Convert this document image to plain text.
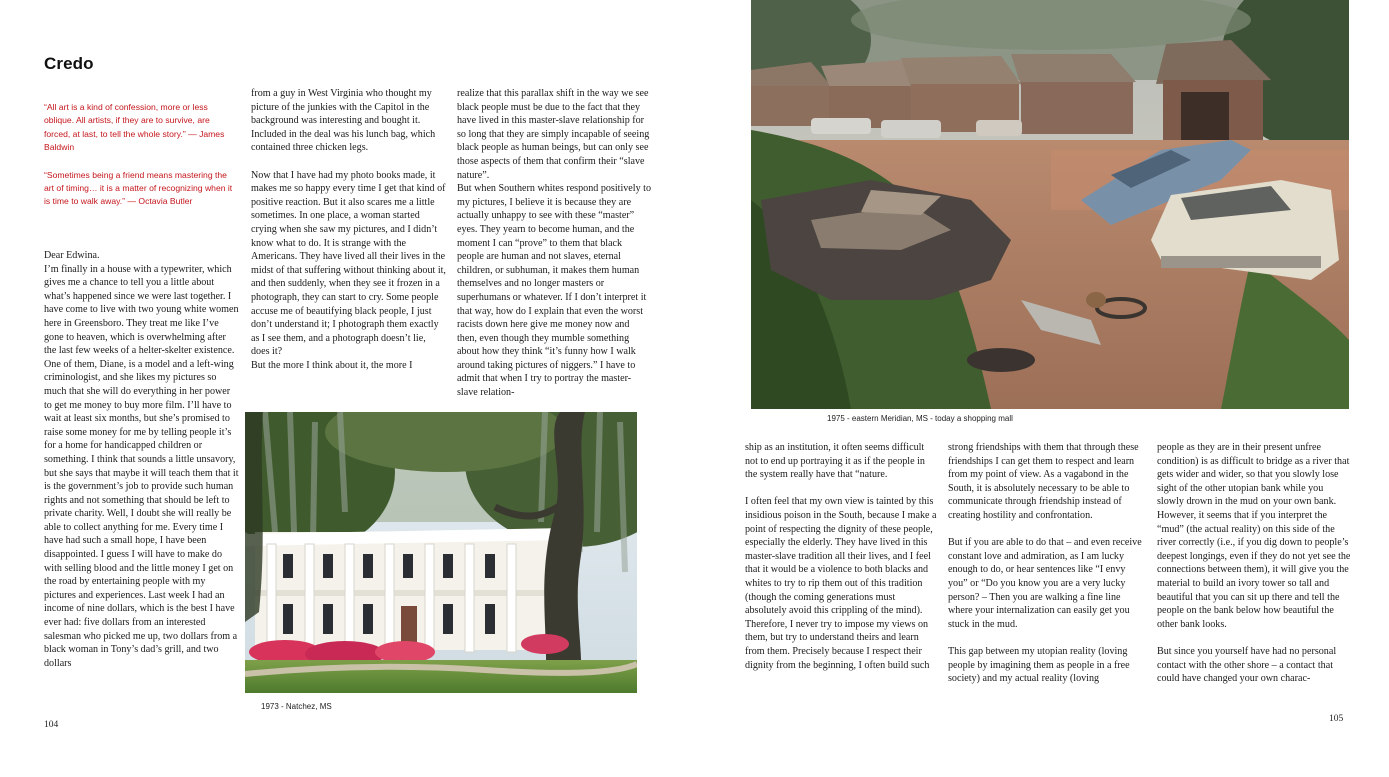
Credo

“All art is a kind of confession, more or less oblique. All artists, if they are to survive, are forced, at last, to tell the whole story.” — James Baldwin

“Sometimes being a friend means mastering the art of timing… it is a matter of recognizing when it is time to walk away.” — Octavia Butler

Dear Edwina.
I’m finally in a house with a typewriter, which gives me a chance to tell you a little about what’s happened since we were last together. I have come to live with two young white women here in Greensboro. They treat me like I’ve gone to heaven, which is overwhelming after the last few weeks of a helter-skelter existence. One of them, Diane, is a model and a left-wing criminologist, and she likes my pictures so much that she will do everything in her power to get me money to buy more film. I’ll have to wait at least six months, but she’s promised to raise some money for me by telling people it’s for a home for handicapped children or something. I think that sounds a little unsavory, but she says that maybe it will teach them that it is the government’s job to provide such human rights and not something that should be left to private charity. Well, I doubt she will really be able to collect anything for me. Every time I have had such a small hope, I have been disappointed. I guess I will have to make do with selling blood and the little money I get on the road by entertaining people with my pictures and experiences. Last week I had an income of nine dollars, which is the best I have ever had: five dollars from an interested salesman who picked me up, two dollars from a black woman in Tony’s dad’s grill, and two dollars
from a guy in West Virginia who thought my picture of the junkies with the Capitol in the background was interesting and bought it. Included in the deal was his lunch bag, which contained three chicken legs.

Now that I have had my photo books made, it makes me so happy every time I get that kind of positive reaction. But it also scares me a little sometimes. In one place, a woman started crying when she saw my pictures, and I didn’t know what to do. It is strange with the Americans. They have lived all their lives in the midst of that suffering without thinking about it, and then suddenly, when they see it frozen in a photograph, they can start to cry. Some people accuse me of beautifying black people, I just don’t understand it; I photograph them exactly as I see them, and a photograph doesn’t lie, does it?
But the more I think about it, the more I
realize that this parallax shift in the way we see black people must be due to the fact that they have lived in this master-slave relationship for so long that they are simply incapable of seeing black people as human beings, but can only see those aspects of them that confirm their “slave nature”.
But when Southern whites respond positively to my pictures, I believe it is because they are actually unhappy to see with these “master” eyes. They yearn to become human, and the moment I can “prove” to them that black people are human and not slaves, eternal children, or subhuman, it makes them human themselves and no longer masters or superhumans or whatever. If I don’t interpret it that way, how do I explain that even the worst racists down here give me money now and then, even though they mumble something about how they think “it’s funny how I walk around taking pictures of niggers.” I have to admit that when I try to portray the master-slave relation-
1973 - Natchez, MS
104
1975 - eastern Meridian, MS - today a shopping mall
ship as an institution, it often seems difficult not to end up portraying it as if the people in the system really have that “nature.

I often feel that my own view is tainted by this insidious poison in the South, because I make a point of respecting the dignity of these people, especially the elderly. They have lived in this master-slave tradition all their lives, and I feel that it would be a violence to both blacks and whites to try to rip them out of this tradition (though the coming generations must absolutely avoid this crippling of the mind). Therefore, I never try to impose my views on them, but try to understand theirs and learn from them. Precisely because I respect their dignity from the beginning, I often build such
strong friendships with them that through these friendships I can get them to respect and learn from my point of view. As a vagabond in the South, it is absolutely necessary to be able to communicate through friendship instead of creating hostility and confrontation.

But if you are able to do that – and even receive constant love and admiration, as I am lucky enough to do, or hear sentences like “I envy you” or “Do you know you are a very lucky person? – Then you are walking a fine line where your internalization can easily get you stuck in the mud.

This gap between my utopian reality (loving people by imagining them as people in a free society) and my actual reality (loving
people as they are in their present unfree condition) is as difficult to bridge as a river that gets wider and wider, so that you slowly lose sight of the other utopian bank while you slowly drown in the mud on your own bank. However, it seems that if you interpret the “mud” (the actual reality) on this side of the river correctly (i.e., if you dig down to people’s deepest longings, even if they do not yet see the connections between them), it will give you the material to build an ivory tower so tall and beautiful that you can sit up there and tell the people on the bank below how beautiful the other bank looks.

But since you yourself have had no personal contact with the other shore – a contact that could have changed your own charac-
105
